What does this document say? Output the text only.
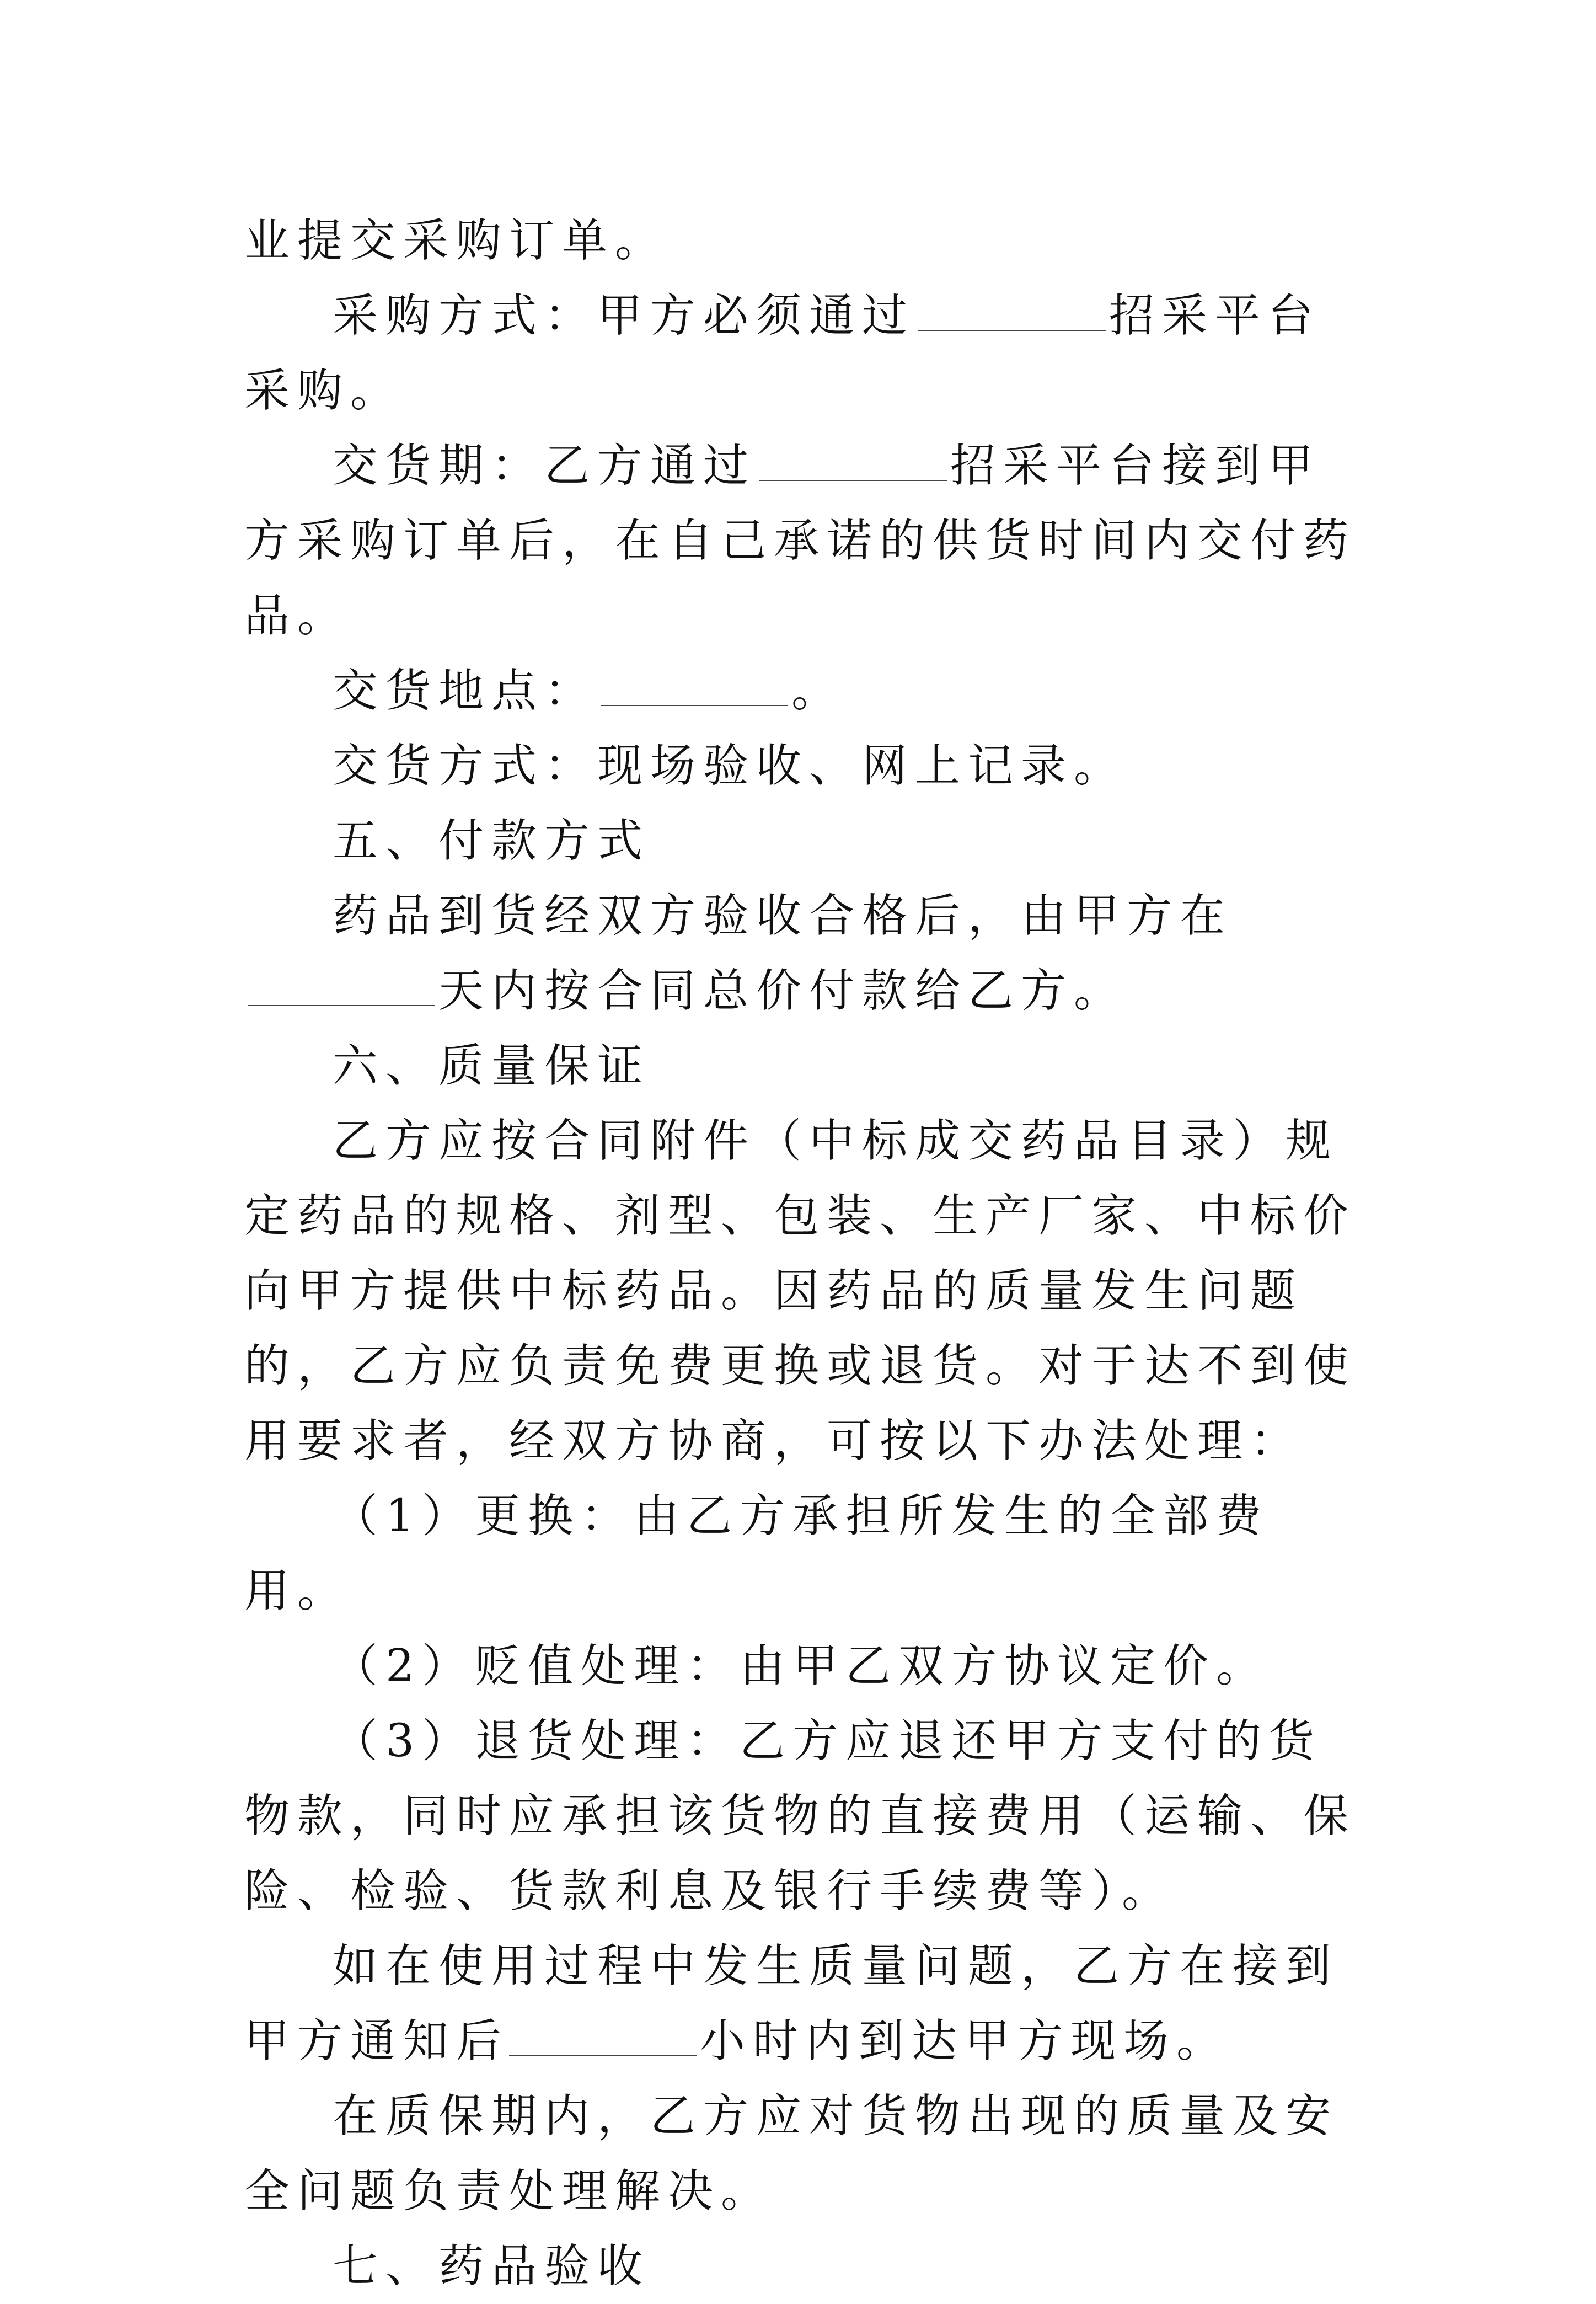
业提交采购订单。

采购方式：甲方必须通过	招采平台采购。

交货期：乙方通过	招采平台接到甲方采购订单后，在自己承诺的供货时间内交付药品。

交货地点：	。

交货方式：现场验收、网上记录。

五、付款方式

药品到货经双方验收合格后，由甲方在天内按合同总价付款给乙方。

六、质量保证

乙方应按合同附件（中标成交药品目录）规定药品的规格、剂型、包装、生产厂家、中标价向甲方提供中标药品。因药品的质量发生问题的，乙方应负责免费更换或退货。对于达不到使用要求者，经双方协商，可按以下办法处理：

（1）更换：由乙方承担所发生的全部费用。

（2）贬值处理：由甲乙双方协议定价。

（3）退货处理：乙方应退还甲方支付的货物款，同时应承担该货物的直接费用（运输、保险、检验、货款利息及银行手续费等）。

如在使用过程中发生质量问题，乙方在接到甲方通知后	小时内到达甲方现场。

在质保期内，乙方应对货物出现的质量及安全问题负责处理解决。

七、药品验收
